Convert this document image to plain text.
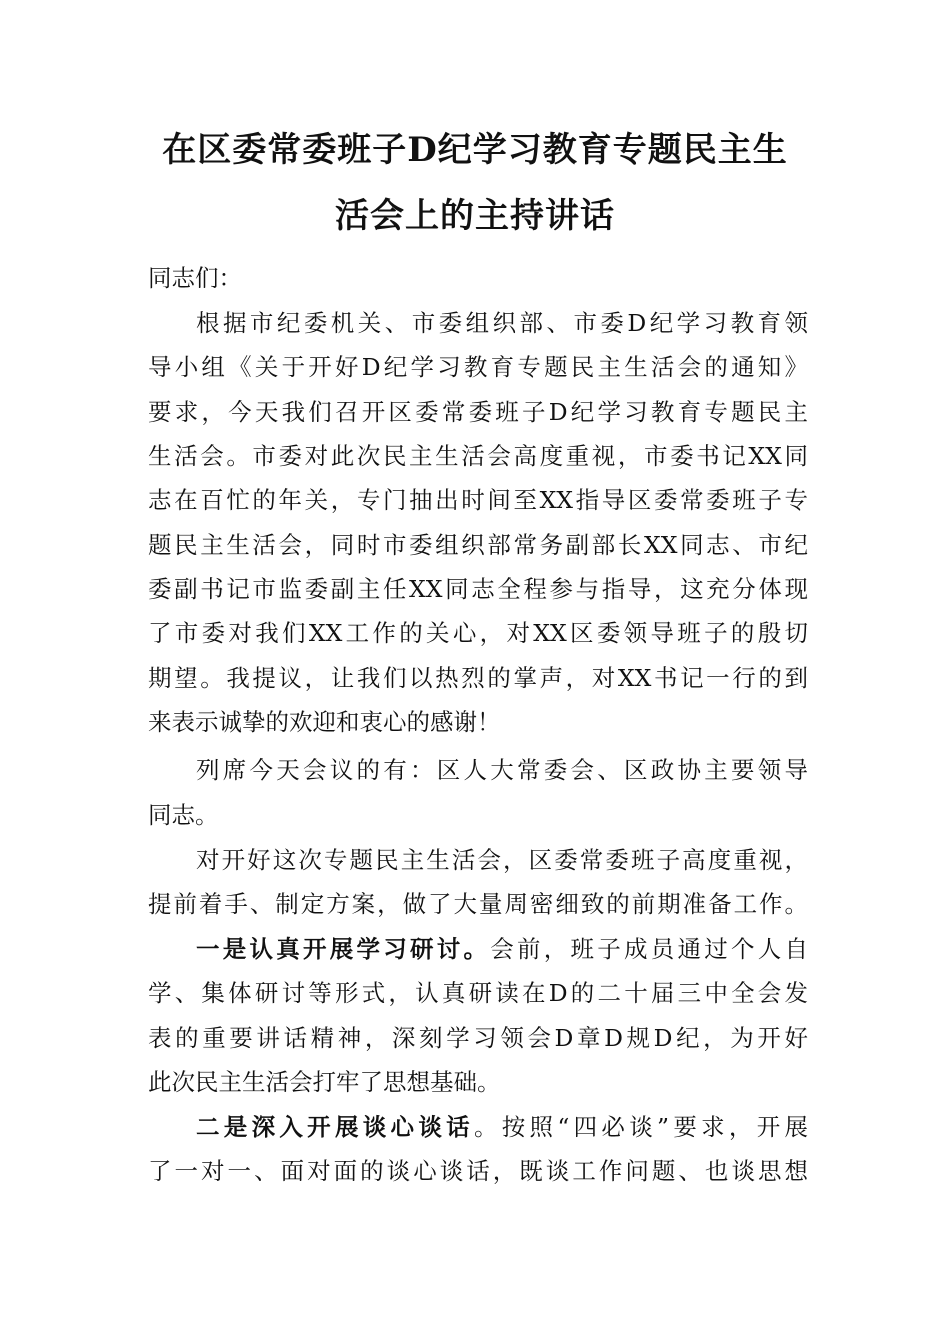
在区委常委班子D纪学习教育专题民主生
活会上的主持讲话
同志们：
根据市纪委机关、市委组织部、市委D纪学习教育领
导小组《关于开好D纪学习教育专题民主生活会的通知》
要求，今天我们召开区委常委班子D纪学习教育专题民主
生活会。市委对此次民主生活会高度重视，市委书记XX同
志在百忙的年关，专门抽出时间至XX指导区委常委班子专
题民主生活会，同时市委组织部常务副部长XX同志、市纪
委副书记市监委副主任XX同志全程参与指导，这充分体现
了市委对我们XX工作的关心，对XX区委领导班子的殷切
期望。我提议，让我们以热烈的掌声，对XX书记一行的到
来表示诚挚的欢迎和衷心的感谢！
列席今天会议的有：区人大常委会、区政协主要领导
同志。
对开好这次专题民主生活会，区委常委班子高度重视，
提前着手、制定方案，做了大量周密细致的前期准备工作。
一是认真开展学习研讨。会前，班子成员通过个人自
学、集体研讨等形式，认真研读在D的二十届三中全会发
表的重要讲话精神，深刻学习领会D章D规D纪，为开好
此次民主生活会打牢了思想基础。
二是深入开展谈心谈话。按照“四必谈”要求，开展
了一对一、面对面的谈心谈话，既谈工作问题、也谈思想
